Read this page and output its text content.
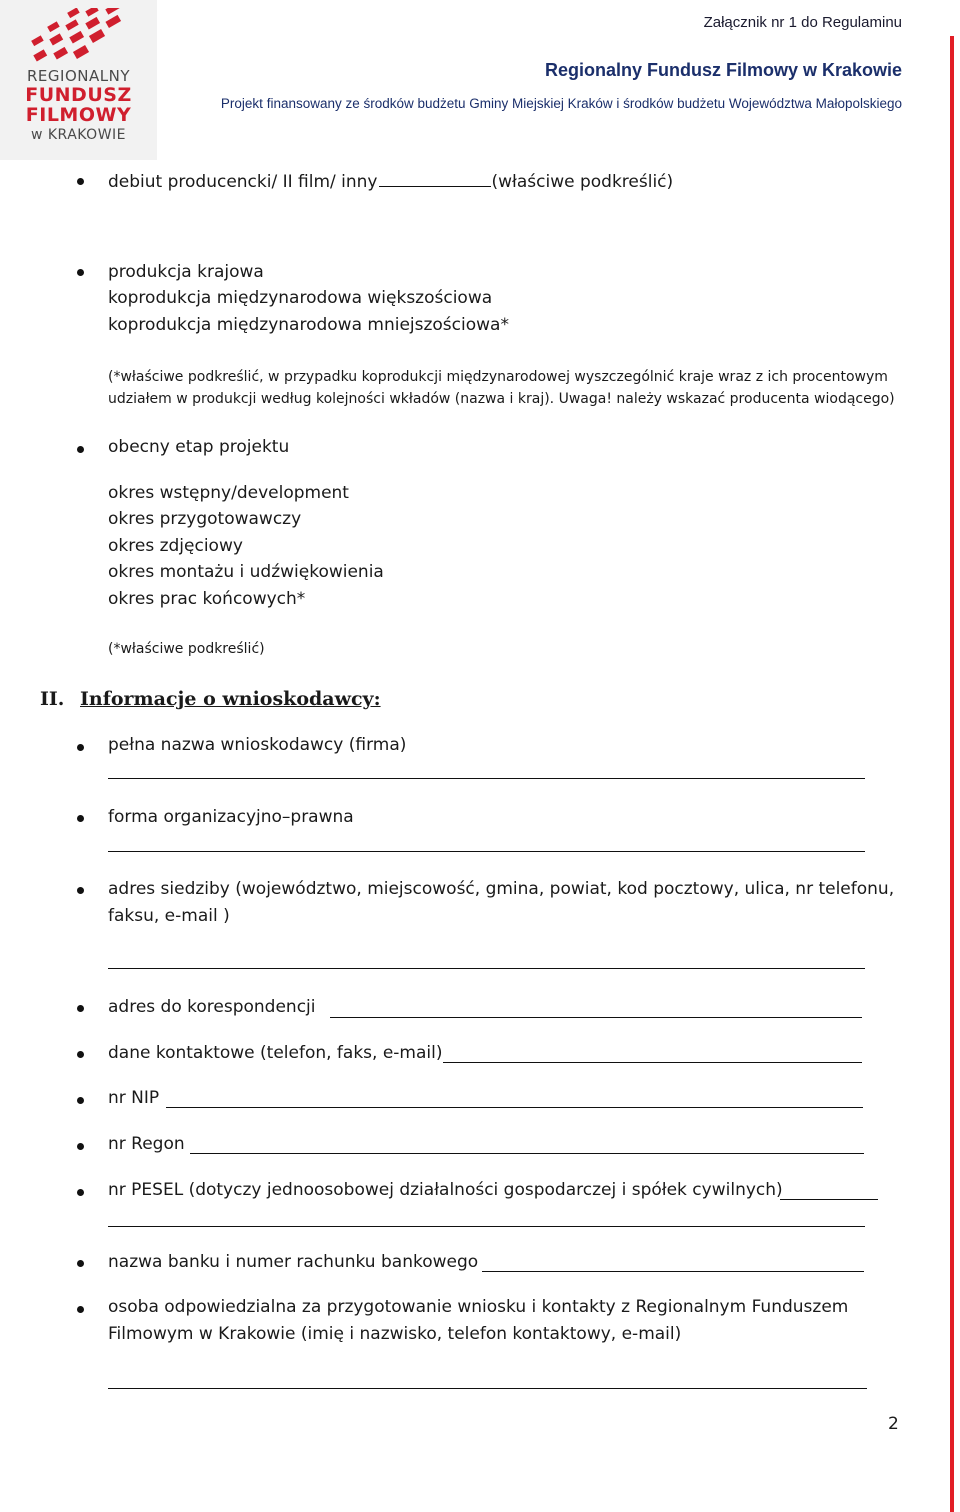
REGIONALNY
FUNDUSZ
FILMOWY
w KRAKOWIE
Załącznik nr 1 do Regulaminu
Regionalny Fundusz Filmowy w Krakowie
Projekt finansowany ze środków budżetu Gminy Miejskiej Kraków i środków budżetu Województwa Małopolskiego
debiut producencki/ II film/ inny	(właściwe podkreślić)
produkcja krajowa
koprodukcja międzynarodowa większościowa
koprodukcja międzynarodowa mniejszościowa*
(*właściwe podkreślić, w przypadku koprodukcji międzynarodowej wyszczególnić kraje wraz z ich procentowym
udziałem w produkcji według kolejności wkładów (nazwa i kraj). Uwaga! należy wskazać producenta wiodącego)
obecny etap projektu
okres wstępny/development
okres przygotowawczy
okres zdjęciowy
okres montażu i udźwiękowienia
okres prac końcowych*
(*właściwe podkreślić)
II. Informacje o wnioskodawcy:
pełna nazwa wnioskodawcy (firma)
forma organizacyjno–prawna
adres siedziby (województwo, miejscowość, gmina, powiat, kod pocztowy, ulica, nr telefonu,
faksu, e-mail )
adres do korespondencji
dane kontaktowe (telefon, faks, e-mail)
nr NIP
nr Regon
nr PESEL (dotyczy jednoosobowej działalności gospodarczej i spółek cywilnych)
nazwa banku i numer rachunku bankowego
osoba odpowiedzialna za przygotowanie wniosku i kontakty z Regionalnym Funduszem
Filmowym w Krakowie (imię i nazwisko, telefon kontaktowy, e-mail)
2
